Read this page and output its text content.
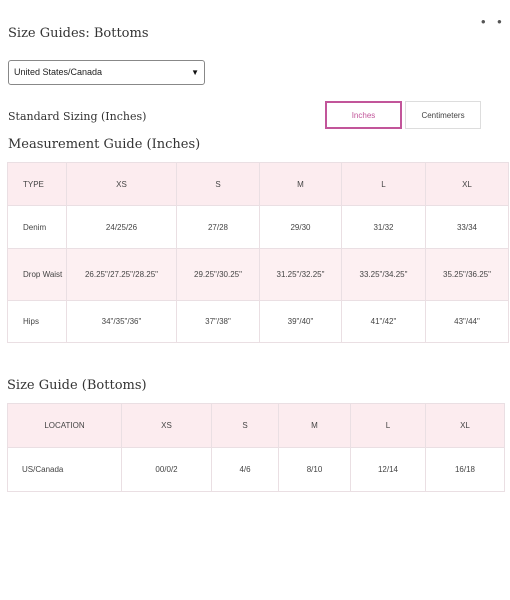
• •
Size Guides: Bottoms
United States/Canada	▼
Standard Sizing (Inches)	Inches	Centimeters
Measurement Guide (Inches)
TYPE	XS	S	M	L	XL
Denim	24/25/26	27/28	29/30	31/32	33/34
Drop Waist	26.25"/27.25"/28.25"	29.25"/30.25"	31.25"/32.25"	33.25"/34.25"	35.25"/36.25"
Hips	34"/35"/36"	37"/38"	39"/40"	41"/42"	43"/44"
Size Guide (Bottoms)
LOCATION	XS	S	M	L	XL
US/Canada	00/0/2	4/6	8/10	12/14	16/18
